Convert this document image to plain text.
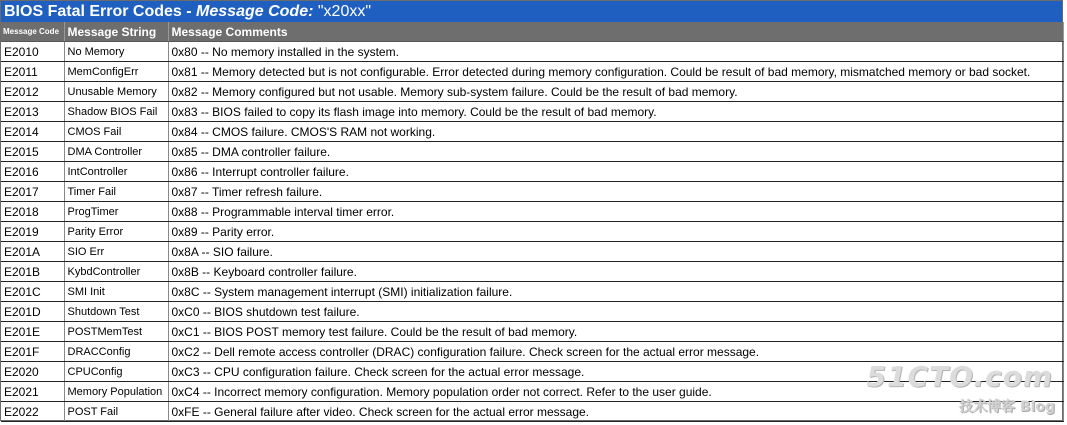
BIOS Fatal Error Codes - Message Code: "x20xx"
Message Code	Message String	Message Comments
E2010	No Memory	0x80 -- No memory installed in the system.
E2011	MemConfigErr	0x81 -- Memory detected but is not configurable. Error detected during memory configuration. Could be result of bad memory, mismatched memory or bad socket.
E2012	Unusable Memory	0x82 -- Memory configured but not usable. Memory sub-system failure. Could be the result of bad memory.
E2013	Shadow BIOS Fail	0x83 -- BIOS failed to copy its flash image into memory. Could be the result of bad memory.
E2014	CMOS Fail	0x84 -- CMOS failure. CMOS'S RAM not working.
E2015	DMA Controller	0x85 -- DMA controller failure.
E2016	IntController	0x86 -- Interrupt controller failure.
E2017	Timer Fail	0x87 -- Timer refresh failure.
E2018	ProgTimer	0x88 -- Programmable interval timer error.
E2019	Parity Error	0x89 -- Parity error.
E201A	SIO Err	0x8A -- SIO failure.
E201B	KybdController	0x8B -- Keyboard controller failure.
E201C	SMI Init	0x8C -- System management interrupt (SMI) initialization failure.
E201D	Shutdown Test	0xC0 -- BIOS shutdown test failure.
E201E	POSTMemTest	0xC1 -- BIOS POST memory test failure. Could be the result of bad memory.
E201F	DRACConfig	0xC2 -- Dell remote access controller (DRAC) configuration failure. Check screen for the actual error message.
E2020	CPUConfig	0xC3 -- CPU configuration failure. Check screen for the actual error message.
E2021	Memory Population	0xC4 -- Incorrect memory configuration. Memory population order not correct. Refer to the user guide.
E2022	POST Fail	0xFE -- General failure after video. Check screen for the actual error message.
51CTO.com
技术博客 Blog
